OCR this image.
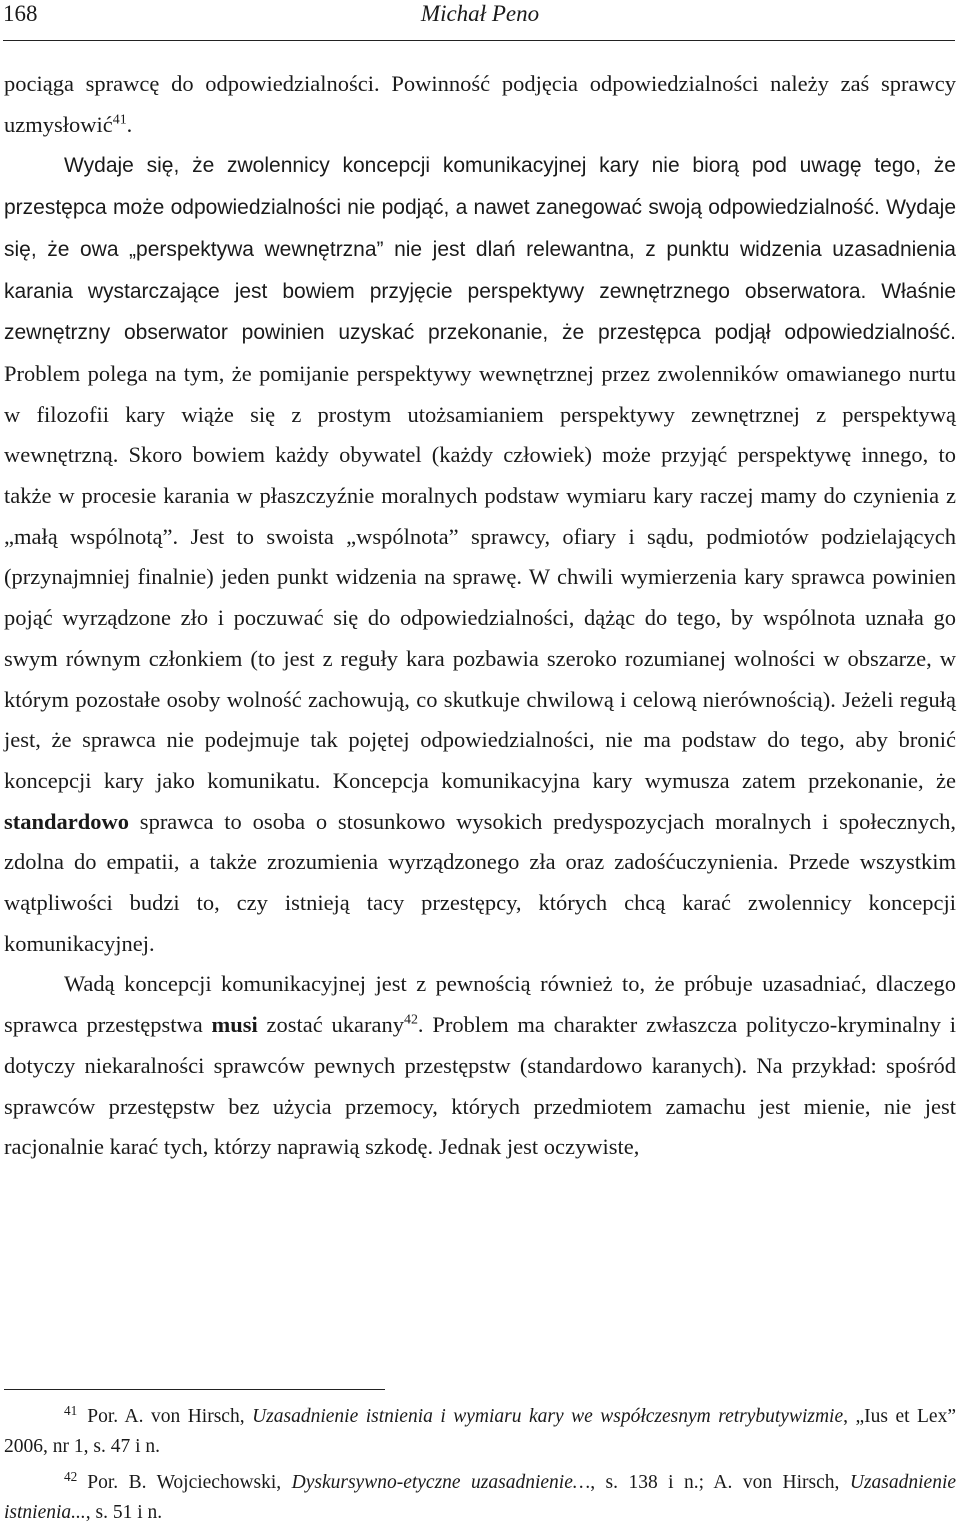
168	Michał Peno

pociąga sprawcę do odpowiedzialności. Powinność podjęcia odpowiedzialności należy zaś sprawcy uzmysłowić$^{41}$.

Wydaje się, że zwolennicy koncepcji komunikacyjnej kary nie biorą pod uwagę tego, że przestępca może odpowiedzialności nie podjąć, a nawet zanegować swoją odpowiedzialność. Wydaje się, że owa „perspektywa wewnętrzna” nie jest dlań relewantna, z punktu widzenia uzasadnienia karania wystarczające jest bowiem przyjęcie perspektywy zewnętrznego obserwatora. Właśnie zewnętrzny obserwator powinien uzyskać przekonanie, że przestępca podjął odpowiedzialność. Problem polega na tym, że pomijanie perspektywy wewnętrznej przez zwolenników omawianego nurtu w filozofii kary wiąże się z prostym utożsamianiem perspektywy zewnętrznej z perspektywą wewnętrzną. Skoro bowiem każdy obywatel (każdy człowiek) może przyjąć perspektywę innego, to także w procesie karania w płaszczyźnie moralnych podstaw wymiaru kary raczej mamy do czynienia z „małą wspólnotą”. Jest to swoista „wspólnota” sprawcy, ofiary i sądu, podmiotów podzielających (przynajmniej finalnie) jeden punkt widzenia na sprawę. W chwili wymierzenia kary sprawca powinien pojąć wyrządzone zło i poczuwać się do odpowiedzialności, dążąc do tego, by wspólnota uznała go swym równym członkiem (to jest z reguły kara pozbawia szeroko rozumianej wolności w obszarze, w którym pozostałe osoby wolność zachowują, co skutkuje chwilową i celową nierównością). Jeżeli regułą jest, że sprawca nie podejmuje tak pojętej odpowiedzialności, nie ma podstaw do tego, aby bronić koncepcji kary jako komunikatu. Koncepcja komunikacyjna kary wymusza zatem przekonanie, że standardowo sprawca to osoba o stosunkowo wysokich predyspozycjach moralnych i społecznych, zdolna do empatii, a także zrozumienia wyrządzonego zła oraz zadośćuczynienia. Przede wszystkim wątpliwości budzi to, czy istnieją tacy przestępcy, których chcą karać zwolennicy koncepcji komunikacyjnej.

Wadą koncepcji komunikacyjnej jest z pewnością również to, że próbuje uzasadniać, dlaczego sprawca przestępstwa musi zostać ukarany$^{42}$. Problem ma charakter zwłaszcza polityczo-kryminalny i dotyczy niekaralności sprawców pewnych przestępstw (standardowo karanych). Na przykład: spośród sprawców przestępstw bez użycia przemocy, których przedmiotem zamachu jest mienie, nie jest racjonalnie karać tych, którzy naprawią szkodę. Jednak jest oczywiste,

$^{41}$ Por. A. von Hirsch, Uzasadnienie istnienia i wymiaru kary we współczesnym retrybutywizmie, „Ius et Lex” 2006, nr 1, s. 47 i n.

$^{42}$ Por. B. Wojciechowski, Dyskursywno-etyczne uzasadnienie…, s. 138 i n.; A. von Hirsch, Uzasadnienie istnienia..., s. 51 i n.
